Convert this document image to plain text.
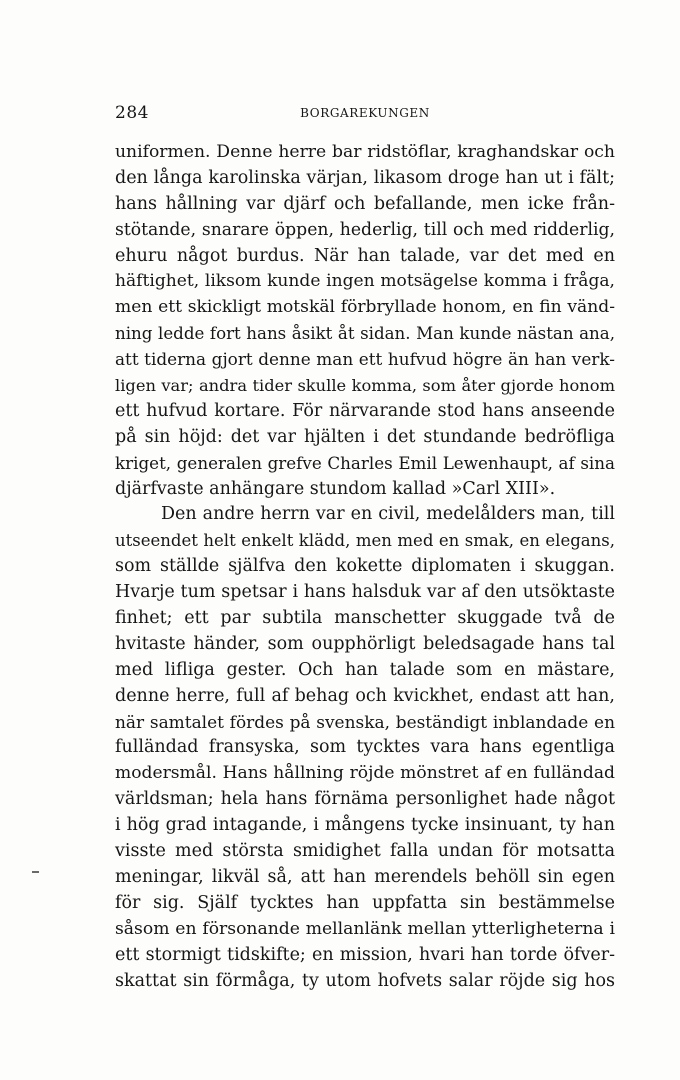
284	BORGAREKUNGEN
uniformen. Denne herre bar ridstöflar, kraghandskar och
den långa karolinska värjan, likasom droge han ut i fält;
hans hållning var djärf och befallande, men icke från-
stötande, snarare öppen, hederlig, till och med ridderlig,
ehuru något burdus. När han talade, var det med en
häftighet, liksom kunde ingen motsägelse komma i fråga,
men ett skickligt motskäl förbryllade honom, en fin vänd-
ning ledde fort hans åsikt åt sidan. Man kunde nästan ana,
att tiderna gjort denne man ett hufvud högre än han verk-
ligen var; andra tider skulle komma, som åter gjorde honom
ett hufvud kortare. För närvarande stod hans anseende
på sin höjd: det var hjälten i det stundande bedröfliga
kriget, generalen grefve Charles Emil Lewenhaupt, af sina
djärfvaste anhängare stundom kallad »Carl XIII».
Den andre herrn var en civil, medelålders man, till
utseendet helt enkelt klädd, men med en smak, en elegans,
som ställde själfva den kokette diplomaten i skuggan.
Hvarje tum spetsar i hans halsduk var af den utsöktaste
finhet; ett par subtila manschetter skuggade två de
hvitaste händer, som oupphörligt beledsagade hans tal
med lifliga gester. Och han talade som en mästare,
denne herre, full af behag och kvickhet, endast att han,
när samtalet fördes på svenska, beständigt inblandade en
fulländad fransyska, som tycktes vara hans egentliga
modersmål. Hans hållning röjde mönstret af en fulländad
världsman; hela hans förnäma personlighet hade något
i hög grad intagande, i mångens tycke insinuant, ty han
visste med största smidighet falla undan för motsatta
meningar, likväl så, att han merendels behöll sin egen
för sig. Själf tycktes han uppfatta sin bestämmelse
såsom en försonande mellanlänk mellan ytterligheterna i
ett stormigt tidskifte; en mission, hvari han torde öfver-
skattat sin förmåga, ty utom hofvets salar röjde sig hos
